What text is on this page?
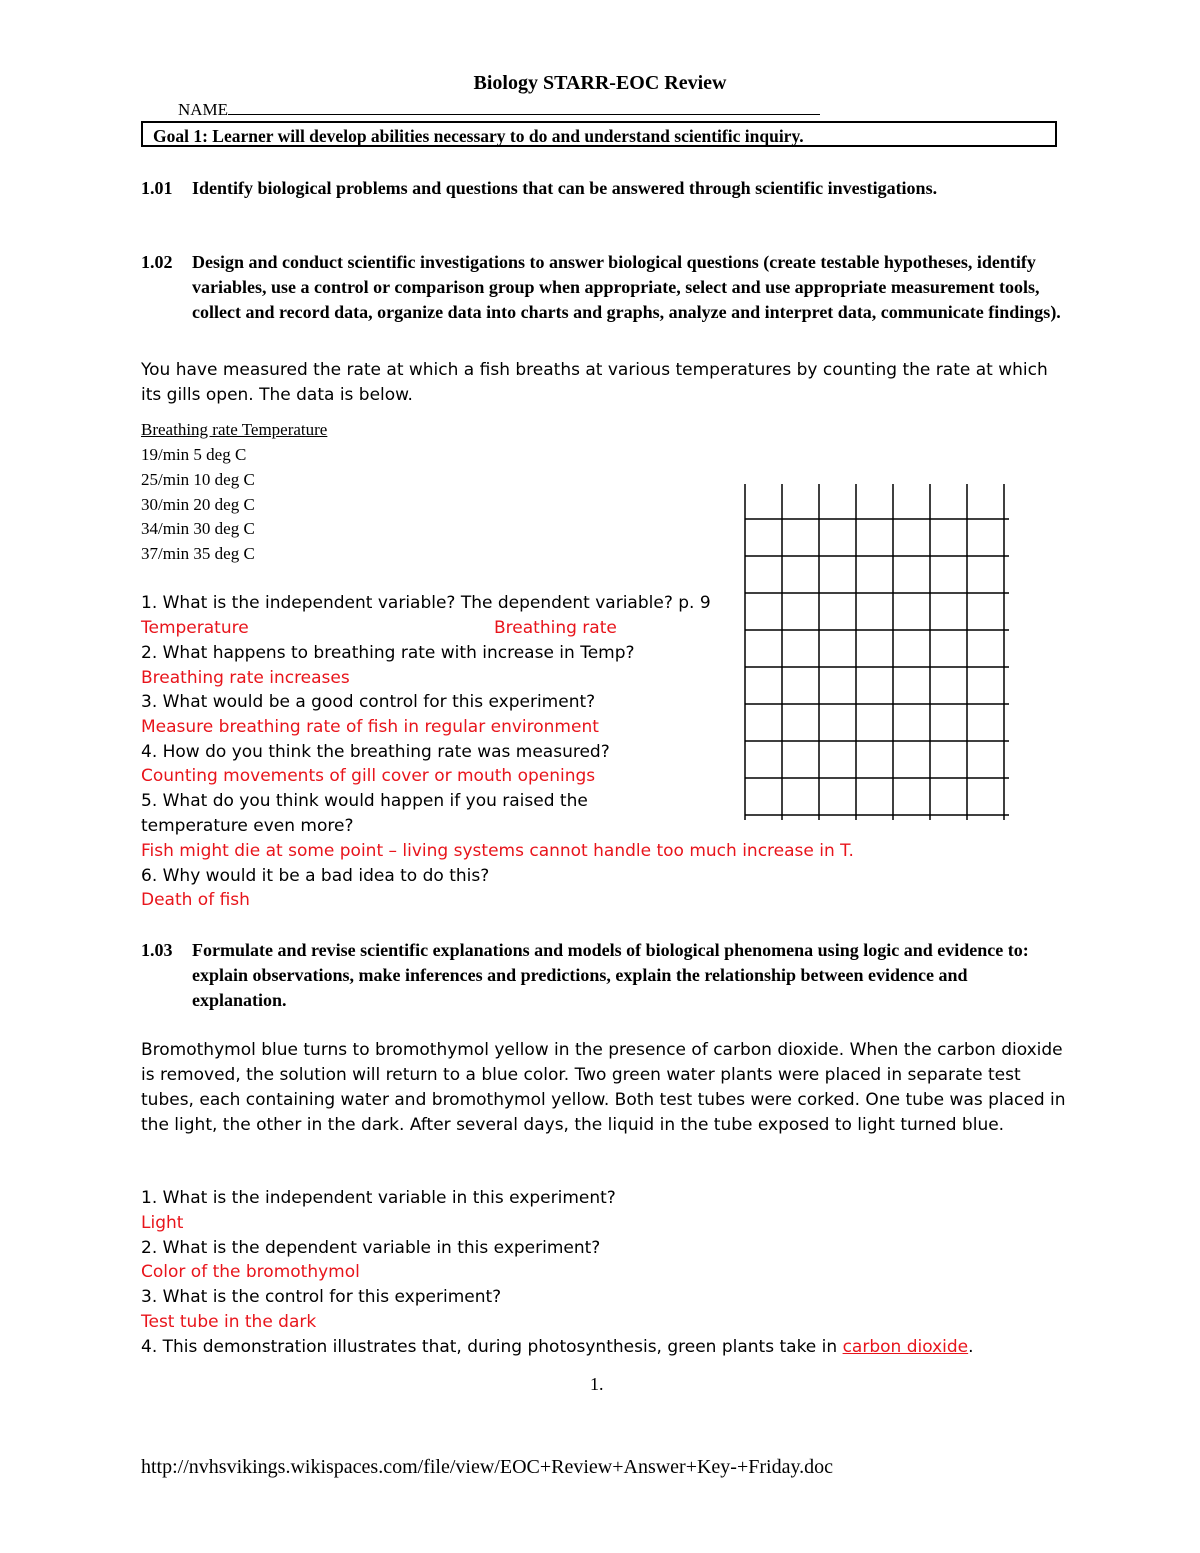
Biology STARR-EOC Review
NAME
Goal 1: Learner will develop abilities necessary to do and understand scientific inquiry.
1.01	Identify biological problems and questions that can be answered through scientific investigations.
1.02	Design and conduct scientific investigations to answer biological questions (create testable hypotheses, identify variables, use a control or comparison group when appropriate, select and use appropriate measurement tools, collect and record data, organize data into charts and graphs, analyze and interpret data, communicate findings).
You have measured the rate at which a fish breaths at various temperatures by counting the rate at which its gills open. The data is below.
Breathing rate Temperature
19/min 5 deg C
25/min 10 deg C
30/min 20 deg C
34/min 30 deg C
37/min 35 deg C
1. What is the independent variable? The dependent variable? p. 9
Temperature	Breathing rate
2. What happens to breathing rate with increase in Temp?
Breathing rate increases
3. What would be a good control for this experiment?
Measure breathing rate of fish in regular environment
4. How do you think the breathing rate was measured?
Counting movements of gill cover or mouth openings
5. What do you think would happen if you raised the
temperature even more?
Fish might die at some point – living systems cannot handle too much increase in T.
6. Why would it be a bad idea to do this?
Death of fish
1.03	Formulate and revise scientific explanations and models of biological phenomena using logic and evidence to: explain observations, make inferences and predictions, explain the relationship between evidence and explanation.
Bromothymol blue turns to bromothymol yellow in the presence of carbon dioxide. When the carbon dioxide is removed, the solution will return to a blue color. Two green water plants were placed in separate test tubes, each containing water and bromothymol yellow. Both test tubes were corked. One tube was placed in the light, the other in the dark. After several days, the liquid in the tube exposed to light turned blue.
1. What is the independent variable in this experiment?
Light
2. What is the dependent variable in this experiment?
Color of the bromothymol
3. What is the control for this experiment?
Test tube in the dark
4. This demonstration illustrates that, during photosynthesis, green plants take in carbon dioxide.
1.
http://nvhsvikings.wikispaces.com/file/view/EOC+Review+Answer+Key-+Friday.doc
